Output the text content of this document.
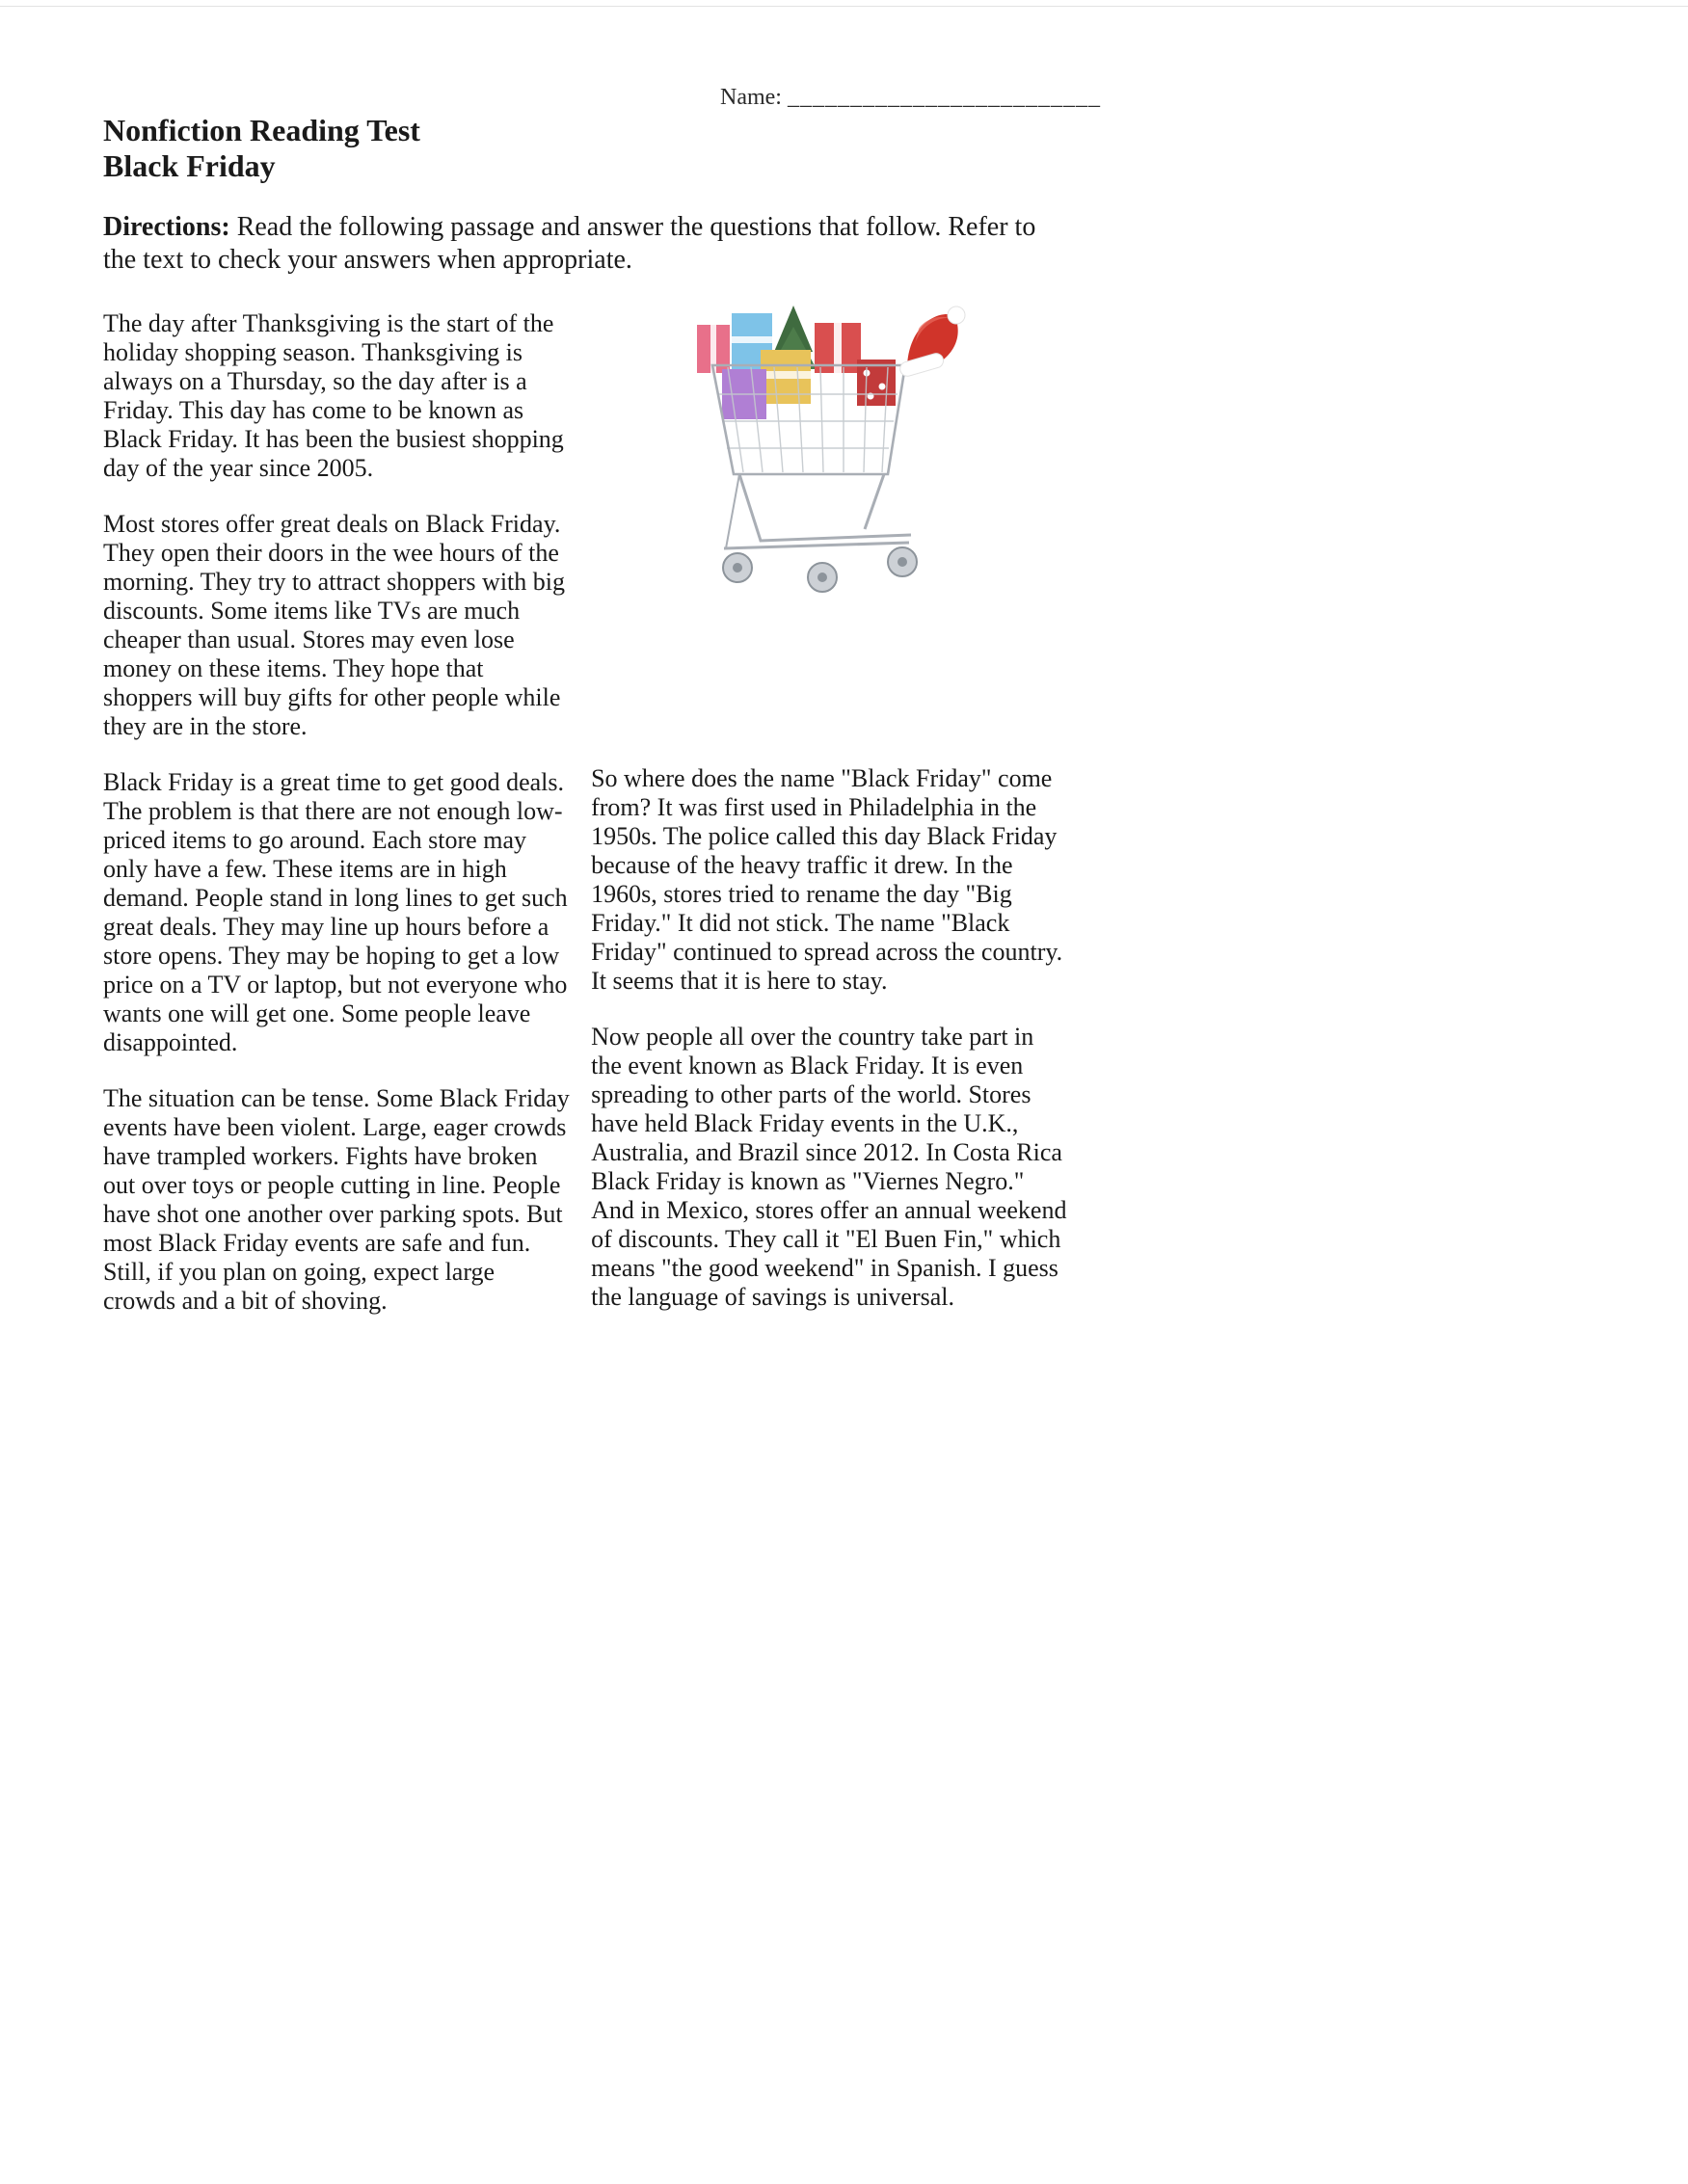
Name: _________________________
Nonfiction Reading Test
Black Friday

Directions: Read the following passage and answer the questions that follow. Refer to the text to check your answers when appropriate.

The day after Thanksgiving is the start of the holiday shopping season. Thanksgiving is always on a Thursday, so the day after is a Friday. This day has come to be known as Black Friday. It has been the busiest shopping day of the year since 2005.

Most stores offer great deals on Black Friday. They open their doors in the wee hours of the morning. They try to attract shoppers with big discounts. Some items like TVs are much cheaper than usual. Stores may even lose money on these items. They hope that shoppers will buy gifts for other people while they are in the store.

Black Friday is a great time to get good deals. The problem is that there are not enough low-priced items to go around. Each store may only have a few. These items are in high demand. People stand in long lines to get such great deals. They may line up hours before a store opens. They may be hoping to get a low price on a TV or laptop, but not everyone who wants one will get one. Some people leave disappointed.

The situation can be tense. Some Black Friday events have been violent. Large, eager crowds have trampled workers. Fights have broken out over toys or people cutting in line. People have shot one another over parking spots. But most Black Friday events are safe and fun. Still, if you plan on going, expect large crowds and a bit of shoving.

So where does the name "Black Friday" come from? It was first used in Philadelphia in the 1950s. The police called this day Black Friday because of the heavy traffic it drew. In the 1960s, stores tried to rename the day "Big Friday." It did not stick. The name "Black Friday" continued to spread across the country. It seems that it is here to stay.

Now people all over the country take part in the event known as Black Friday. It is even spreading to other parts of the world. Stores have held Black Friday events in the U.K., Australia, and Brazil since 2012. In Costa Rica Black Friday is known as "Viernes Negro." And in Mexico, stores offer an annual weekend of discounts. They call it "El Buen Fin," which means "the good weekend" in Spanish. I guess the language of savings is universal.
